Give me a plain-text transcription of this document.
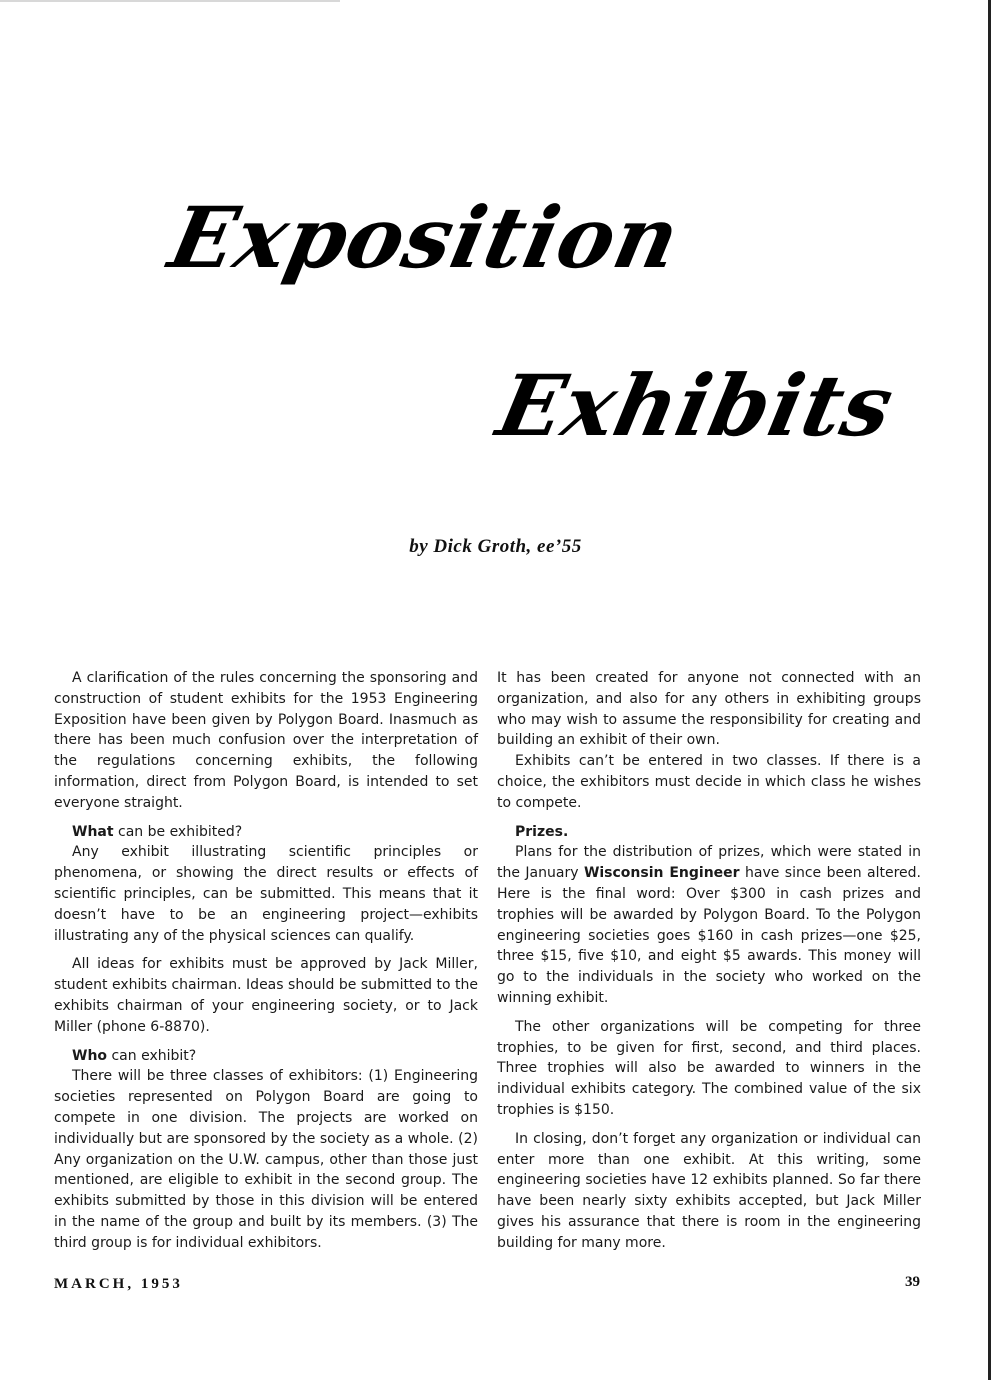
Exposition
Exhibits

by Dick Groth, ee’55

A clarification of the rules concerning the sponsoring and construction of student exhibits for the 1953 Engineering Exposition have been given by Polygon Board. Inasmuch as there has been much confusion over the interpretation of the regulations concerning exhibits, the following information, direct from Polygon Board, is intended to set everyone straight.

What can be exhibited?

Any exhibit illustrating scientific principles or phenomena, or showing the direct results or effects of scientific principles, can be submitted. This means that it doesn’t have to be an engineering project—exhibits illustrating any of the physical sciences can qualify.

All ideas for exhibits must be approved by Jack Miller, student exhibits chairman. Ideas should be submitted to the exhibits chairman of your engineering society, or to Jack Miller (phone 6-8870).

Who can exhibit?

There will be three classes of exhibitors: (1) Engineering societies represented on Polygon Board are going to compete in one division. The projects are worked on individually but are sponsored by the society as a whole. (2) Any organization on the U.W. campus, other than those just mentioned, are eligible to exhibit in the second group. The exhibits submitted by those in this division will be entered in the name of the group and built by its members. (3) The third group is for individual exhibitors.

It has been created for anyone not connected with an organization, and also for any others in exhibiting groups who may wish to assume the responsibility for creating and building an exhibit of their own.

Exhibits can’t be entered in two classes. If there is a choice, the exhibitors must decide in which class he wishes to compete.

Prizes.

Plans for the distribution of prizes, which were stated in the January Wisconsin Engineer have since been altered. Here is the final word: Over $300 in cash prizes and trophies will be awarded by Polygon Board. To the Polygon engineering societies goes $160 in cash prizes—one $25, three $15, five $10, and eight $5 awards. This money will go to the individuals in the society who worked on the winning exhibit.

The other organizations will be competing for three trophies, to be given for first, second, and third places. Three trophies will also be awarded to winners in the individual exhibits category. The combined value of the six trophies is $150.

In closing, don’t forget any organization or individual can enter more than one exhibit. At this writing, some engineering societies have 12 exhibits planned. So far there have been nearly sixty exhibits accepted, but Jack Miller gives his assurance that there is room in the engineering building for many more.

MARCH, 1953	39
